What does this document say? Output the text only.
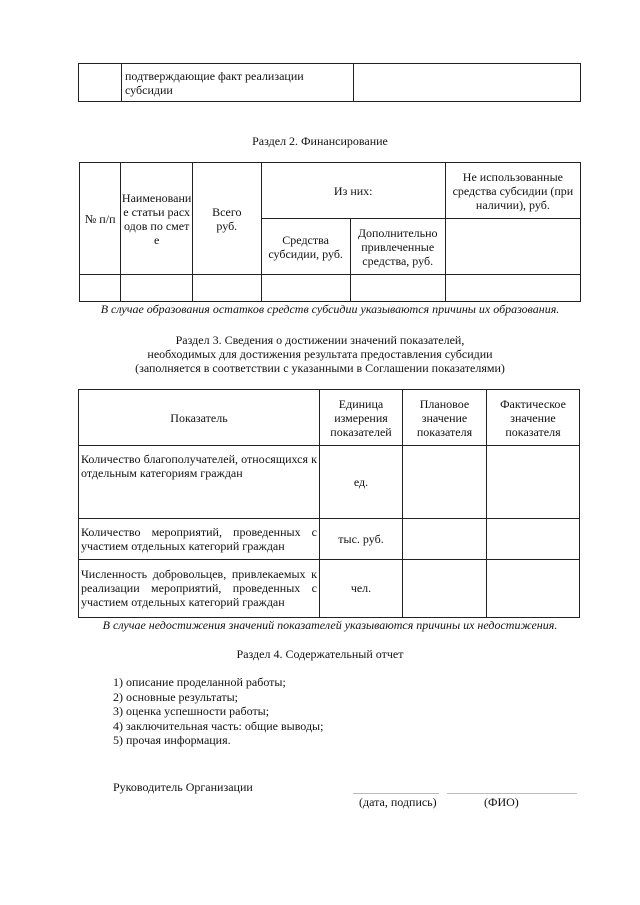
	подтверждающие факт реализации субсидии	
Раздел 2. Финансирование
№ п/п	Наименование статьи расходов по смете	Всего руб.	Из них:		Не использованные средства субсидии (при наличии), руб.
			Средства субсидии, руб.	Дополнительно привлеченные средства, руб.	

В случае образования остатков средств субсидии указываются причины их образования.
Раздел 3. Сведения о достижении значений показателей,
необходимых для достижения результата предоставления субсидии
(заполняется в соответствии с указанными в Соглашении показателями)
Показатель	Единица измерения показателей	Плановое значение показателя	Фактическое значение показателя
Количество благополучателей, относящихся к отдельным категориям граждан	ед.		
Количество мероприятий, проведенных с участием отдельных категорий граждан	тыс. руб.		
Численность добровольцев, привлекаемых к реализации мероприятий, проведенных с участием отдельных категорий граждан	чел.		
В случае недостижения значений показателей указываются причины их недостижения.
Раздел 4. Содержательный отчет
1) описание проделанной работы;
2) основные результаты;
3) оценка успешности работы;
4) заключительная часть: общие выводы;
5) прочая информация.
Руководитель Организации
(дата, подпись)	(ФИО)
